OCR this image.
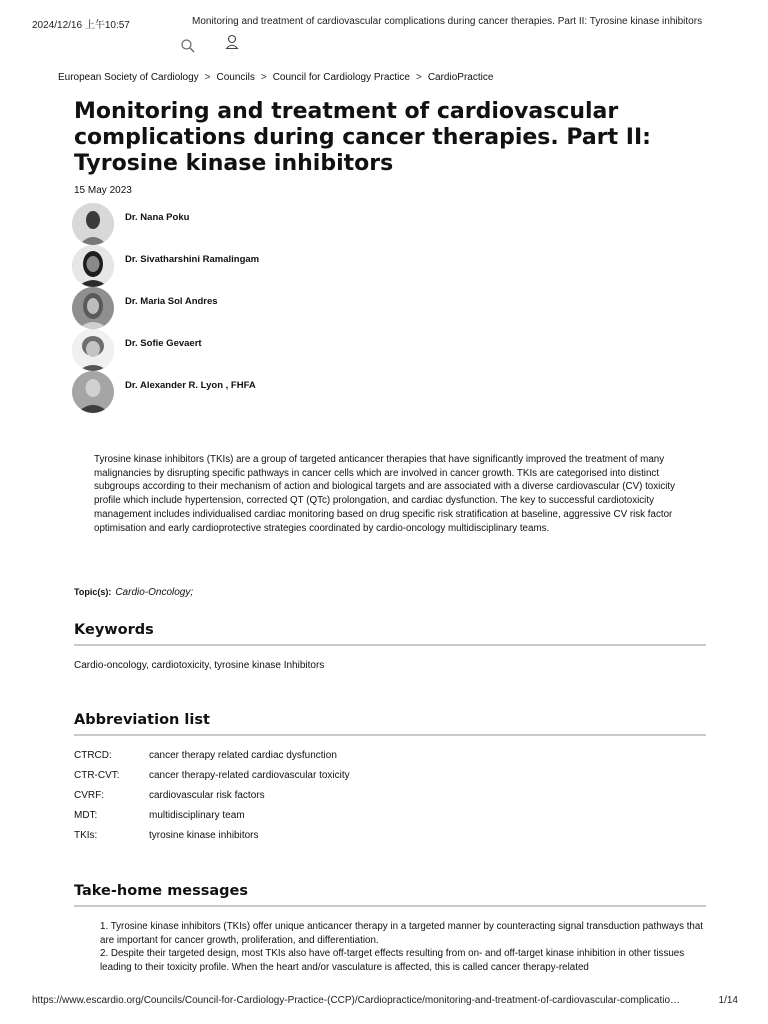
2024/12/16 上午10:57	Monitoring and treatment of cardiovascular complications during cancer therapies. Part II: Tyrosine kinase inhibitors
European Society of Cardiology > Councils > Council for Cardiology Practice > CardioPractice
Monitoring and treatment of cardiovascular complications during cancer therapies. Part II: Tyrosine kinase inhibitors
15 May 2023
Dr. Nana Poku
Dr. Sivatharshini Ramalingam
Dr. Maria Sol Andres
Dr. Sofie Gevaert
Dr. Alexander R. Lyon , FHFA

Tyrosine kinase inhibitors (TKIs) are a group of targeted anticancer therapies that have significantly improved the treatment of many malignancies by disrupting specific pathways in cancer cells which are involved in cancer growth. TKIs are categorised into distinct subgroups according to their mechanism of action and biological targets and are associated with a diverse cardiovascular (CV) toxicity profile which include hypertension, corrected QT (QTc) prolongation, and cardiac dysfunction. The key to successful cardiotoxicity management includes individualised cardiac monitoring based on drug specific risk stratification at baseline, aggressive CV risk factor optimisation and early cardioprotective strategies coordinated by cardio-oncology multidisciplinary teams.

Topic(s): Cardio-Oncology;
Keywords
Cardio-oncology, cardiotoxicity, tyrosine kinase Inhibitors
Abbreviation list
CTRCD:	cancer therapy related cardiac dysfunction
CTR-CVT:	cancer therapy-related cardiovascular toxicity
CVRF:	cardiovascular risk factors
MDT:	multidisciplinary team
TKIs:	tyrosine kinase inhibitors
Take-home messages
1. Tyrosine kinase inhibitors (TKIs) offer unique anticancer therapy in a targeted manner by counteracting signal transduction pathways that are important for cancer growth, proliferation, and differentiation.
2. Despite their targeted design, most TKIs also have off-target effects resulting from on- and off-target kinase inhibition in other tissues leading to their toxicity profile. When the heart and/or vasculature is affected, this is called cancer therapy-related
https://www.escardio.org/Councils/Council-for-Cardiology-Practice-(CCP)/Cardiopractice/monitoring-and-treatment-of-cardiovascular-complicatio…	1/14
